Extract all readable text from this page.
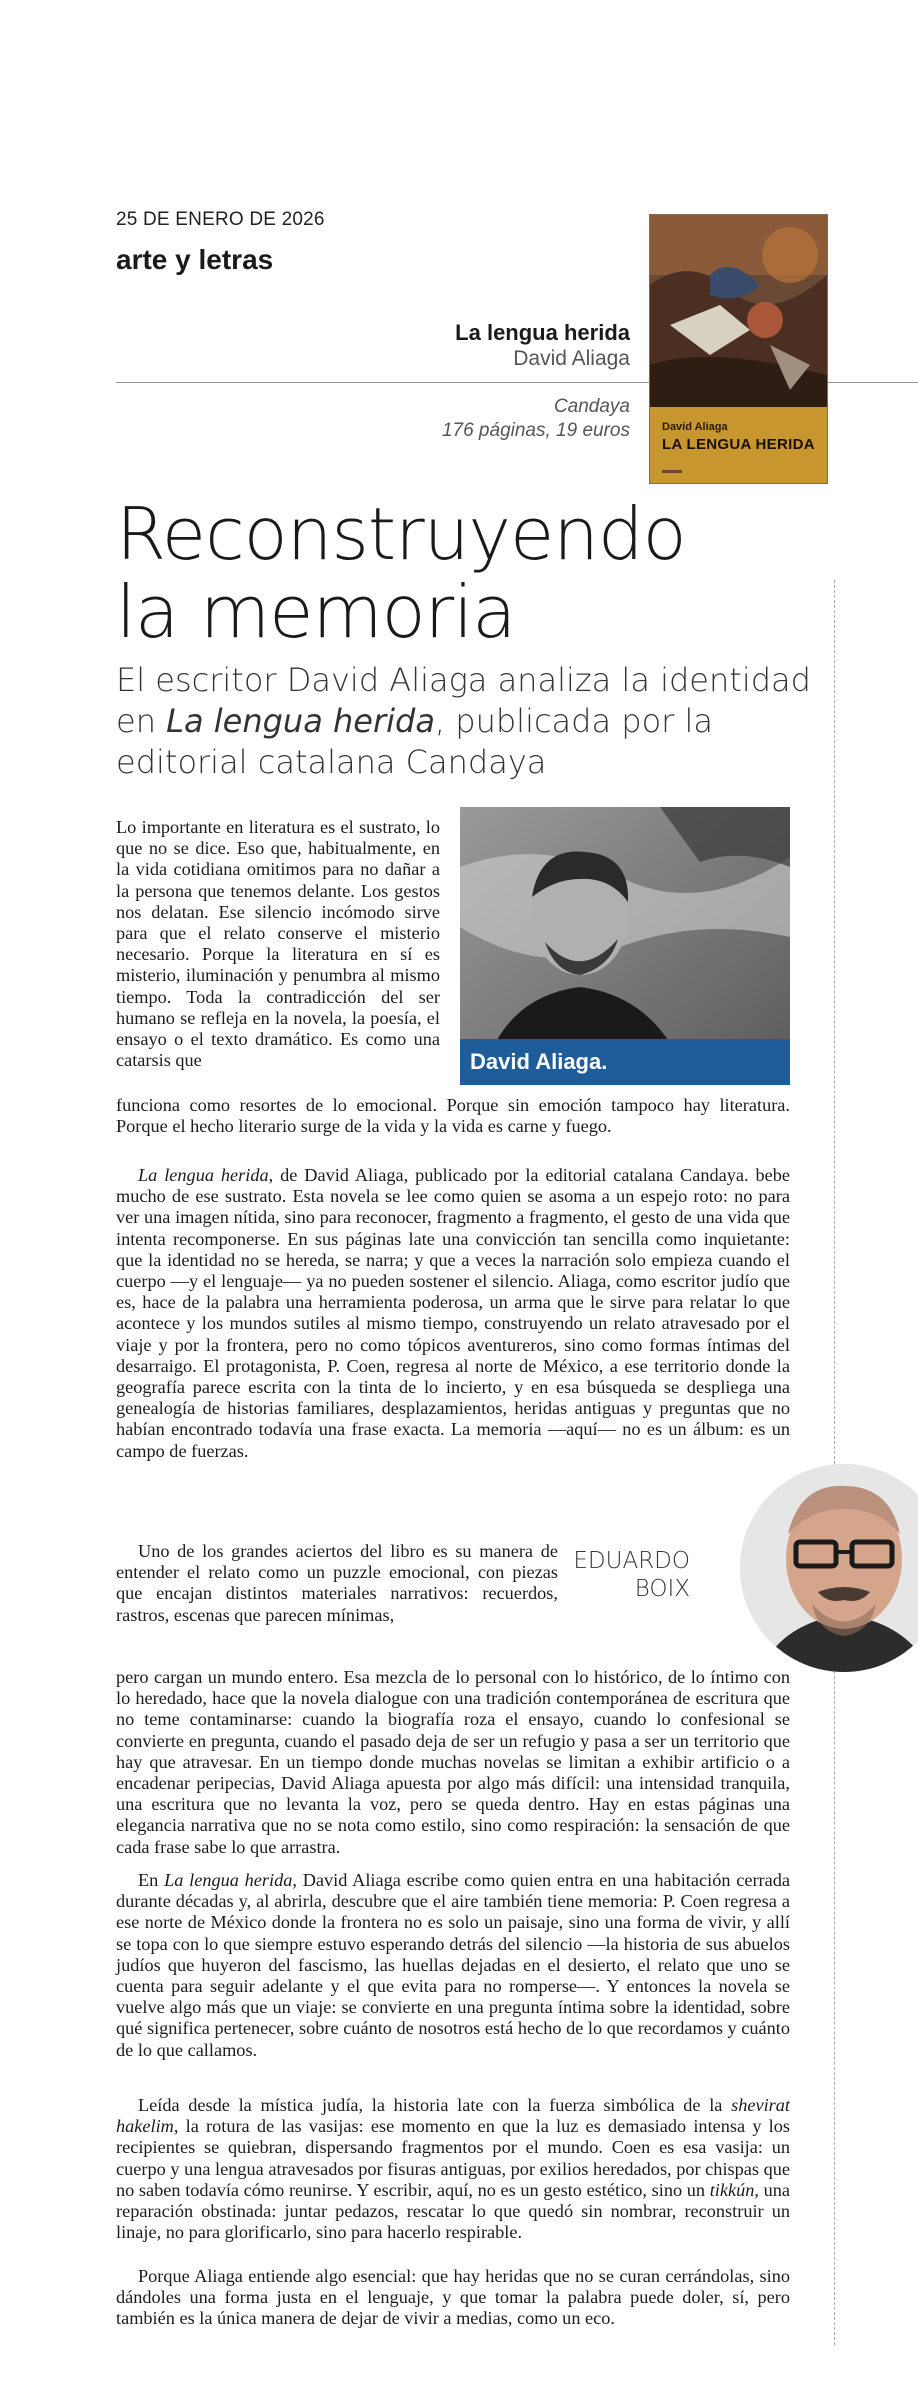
25 DE ENERO DE 2026
arte y letras
La lengua herida
David Aliaga
Candaya
176 páginas, 19 euros	David Aliaga
LA LENGUA HERIDA
Reconstruyendo
la memoria
El escritor David Aliaga analiza la identidad en La lengua herida, publicada por la editorial catalana Candaya
David Aliaga.
Lo importante en literatura es el sustrato, lo que no se dice. Eso que, habitualmente, en la vida cotidiana omitimos para no dañar a la persona que tenemos delante. Los gestos nos delatan. Ese silencio incómodo sirve para que el relato conserve el misterio necesario. Porque la literatura en sí es misterio, iluminación y penumbra al mismo tiempo. Toda la contradicción del ser humano se refleja en la novela, la poesía, el ensayo o el texto dramático. Es como una catarsis que
funciona como resortes de lo emocional. Porque sin emoción tampoco hay literatura. Porque el hecho literario surge de la vida y la vida es carne y fuego.
La lengua herida, de David Aliaga, publicado por la editorial catalana Candaya. bebe mucho de ese sustrato. Esta novela se lee como quien se asoma a un espejo roto: no para ver una imagen nítida, sino para reconocer, fragmento a fragmento, el gesto de una vida que intenta recomponerse. En sus páginas late una convicción tan sencilla como inquietante: que la identidad no se hereda, se narra; y que a veces la narración solo empieza cuando el cuerpo —y el lenguaje— ya no pueden sostener el silencio. Aliaga, como escritor judío que es, hace de la palabra una herramienta poderosa, un arma que le sirve para relatar lo que acontece y los mundos sutiles al mismo tiempo, construyendo un relato atravesado por el viaje y por la frontera, pero no como tópicos aventureros, sino como formas íntimas del desarraigo. El protagonista, P. Coen, regresa al norte de México, a ese territorio donde la geografía parece escrita con la tinta de lo incierto, y en esa búsqueda se despliega una genealogía de historias familiares, desplazamientos, heridas antiguas y preguntas que no habían encontrado todavía una frase exacta. La memoria —aquí— no es un álbum: es un campo de fuerzas.
Uno de los grandes aciertos del libro es su manera de entender el relato como un puzzle emocional, con piezas que encajan distintos materiales narrativos: recuerdos, rastros, escenas que parecen mínimas,
pero cargan un mundo entero. Esa mezcla de lo personal con lo histórico, de lo íntimo con lo heredado, hace que la novela dialogue con una tradición contemporánea de escritura que no teme contaminarse: cuando la biografía roza el ensayo, cuando lo confesional se convierte en pregunta, cuando el pasado deja de ser un refugio y pasa a ser un territorio que hay que atravesar. En un tiempo donde muchas novelas se limitan a exhibir artificio o a encadenar peripecias, David Aliaga apuesta por algo más difícil: una intensidad tranquila, una escritura que no levanta la voz, pero se queda dentro. Hay en estas páginas una elegancia narrativa que no se nota como estilo, sino como respiración: la sensación de que cada frase sabe lo que arrastra.
EDUARDO
BOIX
En La lengua herida, David Aliaga escribe como quien entra en una habitación cerrada durante décadas y, al abrirla, descubre que el aire también tiene memoria: P. Coen regresa a ese norte de México donde la frontera no es solo un paisaje, sino una forma de vivir, y allí se topa con lo que siempre estuvo esperando detrás del silencio —la historia de sus abuelos judíos que huyeron del fascismo, las huellas dejadas en el desierto, el relato que uno se cuenta para seguir adelante y el que evita para no romperse—. Y entonces la novela se vuelve algo más que un viaje: se convierte en una pregunta íntima sobre la identidad, sobre qué significa pertenecer, sobre cuánto de nosotros está hecho de lo que recordamos y cuánto de lo que callamos.
Leída desde la mística judía, la historia late con la fuerza simbólica de la shevirat hakelim, la rotura de las vasijas: ese momento en que la luz es demasiado intensa y los recipientes se quiebran, dispersando fragmentos por el mundo. Coen es esa vasija: un cuerpo y una lengua atravesados por fisuras antiguas, por exilios heredados, por chispas que no saben todavía cómo reunirse. Y escribir, aquí, no es un gesto estético, sino un tikkún, una reparación obstinada: juntar pedazos, rescatar lo que quedó sin nombrar, reconstruir un linaje, no para glorificarlo, sino para hacerlo respirable.
Porque Aliaga entiende algo esencial: que hay heridas que no se curan cerrándolas, sino dándoles una forma justa en el lenguaje, y que tomar la palabra puede doler, sí, pero también es la única manera de dejar de vivir a medias, como un eco.
